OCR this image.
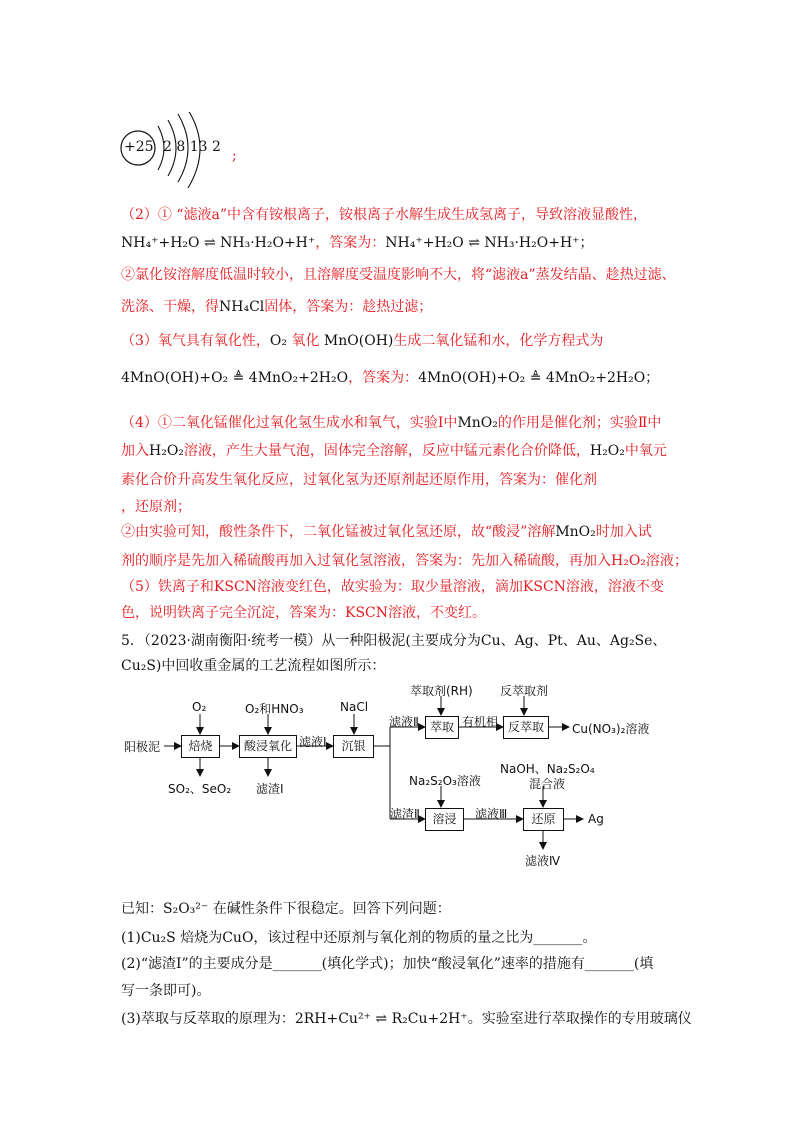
+25 2 8 13 2
;
（2）① “滤液a”中含有铵根离子，铵根离子水解生成生成氢离子，导致溶液显酸性，
NH₄⁺+H₂O ⇌ NH₃·H₂O+H⁺，答案为：NH₄⁺+H₂O ⇌ NH₃·H₂O+H⁺；
②氯化铵溶解度低温时较小，且溶解度受温度影响不大，将“滤液a”蒸发结晶、趁热过滤、
洗涤、干燥，得NH₄Cl固体，答案为：趁热过滤；
（3）氧气具有氧化性，O₂ 氧化 MnO(OH)生成二氧化锰和水，化学方程式为
4MnO(OH)+O₂ ≜ 4MnO₂+2H₂O，答案为：4MnO(OH)+O₂ ≜ 4MnO₂+2H₂O；
（4）①二氧化锰催化过氧化氢生成水和氧气，实验Ⅰ中MnO₂的作用是催化剂；实验Ⅱ中
加入H₂O₂溶液，产生大量气泡，固体完全溶解，反应中锰元素化合价降低，H₂O₂中氧元
素化合价升高发生氧化反应，过氧化氢为还原剂起还原作用，答案为：催化剂
，还原剂；
②由实验可知，酸性条件下，二氧化锰被过氧化氢还原，故“酸浸”溶解MnO₂时加入试
剂的顺序是先加入稀硫酸再加入过氧化氢溶液，答案为：先加入稀硫酸，再加入H₂O₂溶液；
（5）铁离子和KSCN溶液变红色，故实验为：取少量溶液，滴加KSCN溶液，溶液不变
色，说明铁离子完全沉淀，答案为：KSCN溶液，不变红。
5．（2023·湖南衡阳·统考一模）从一种阳极泥(主要成分为Cu、Ag、Pt、Au、Ag₂Se、
Cu₂S)中回收重金属的工艺流程如图所示：
阳极泥	焙烧	酸浸氧化	沉银
萃取	反萃取
溶浸	还原
O₂	O₂和HNO₃	NaCl
萃取剂(RH) 反萃取剂
Na₂S₂O₃溶液
NaOH、Na₂S₂O₄
混合液
SO₂、SeO₂ 滤渣Ⅰ
滤液Ⅰ
滤液Ⅱ	有机相	Cu(NO₃)₂溶液
滤渣Ⅱ	滤液Ⅲ	Ag
滤液Ⅳ
已知：S₂O₃²⁻ 在碱性条件下很稳定。回答下列问题：
(1)Cu₂S 焙烧为CuO，该过程中还原剂与氧化剂的物质的量之比为_______。
(2)“滤渣Ⅰ”的主要成分是_______(填化学式)；加快“酸浸氧化”速率的措施有_______(填
写一条即可)。
(3)萃取与反萃取的原理为：2RH+Cu²⁺ ⇌ R₂Cu+2H⁺。实验室进行萃取操作的专用玻璃仪
